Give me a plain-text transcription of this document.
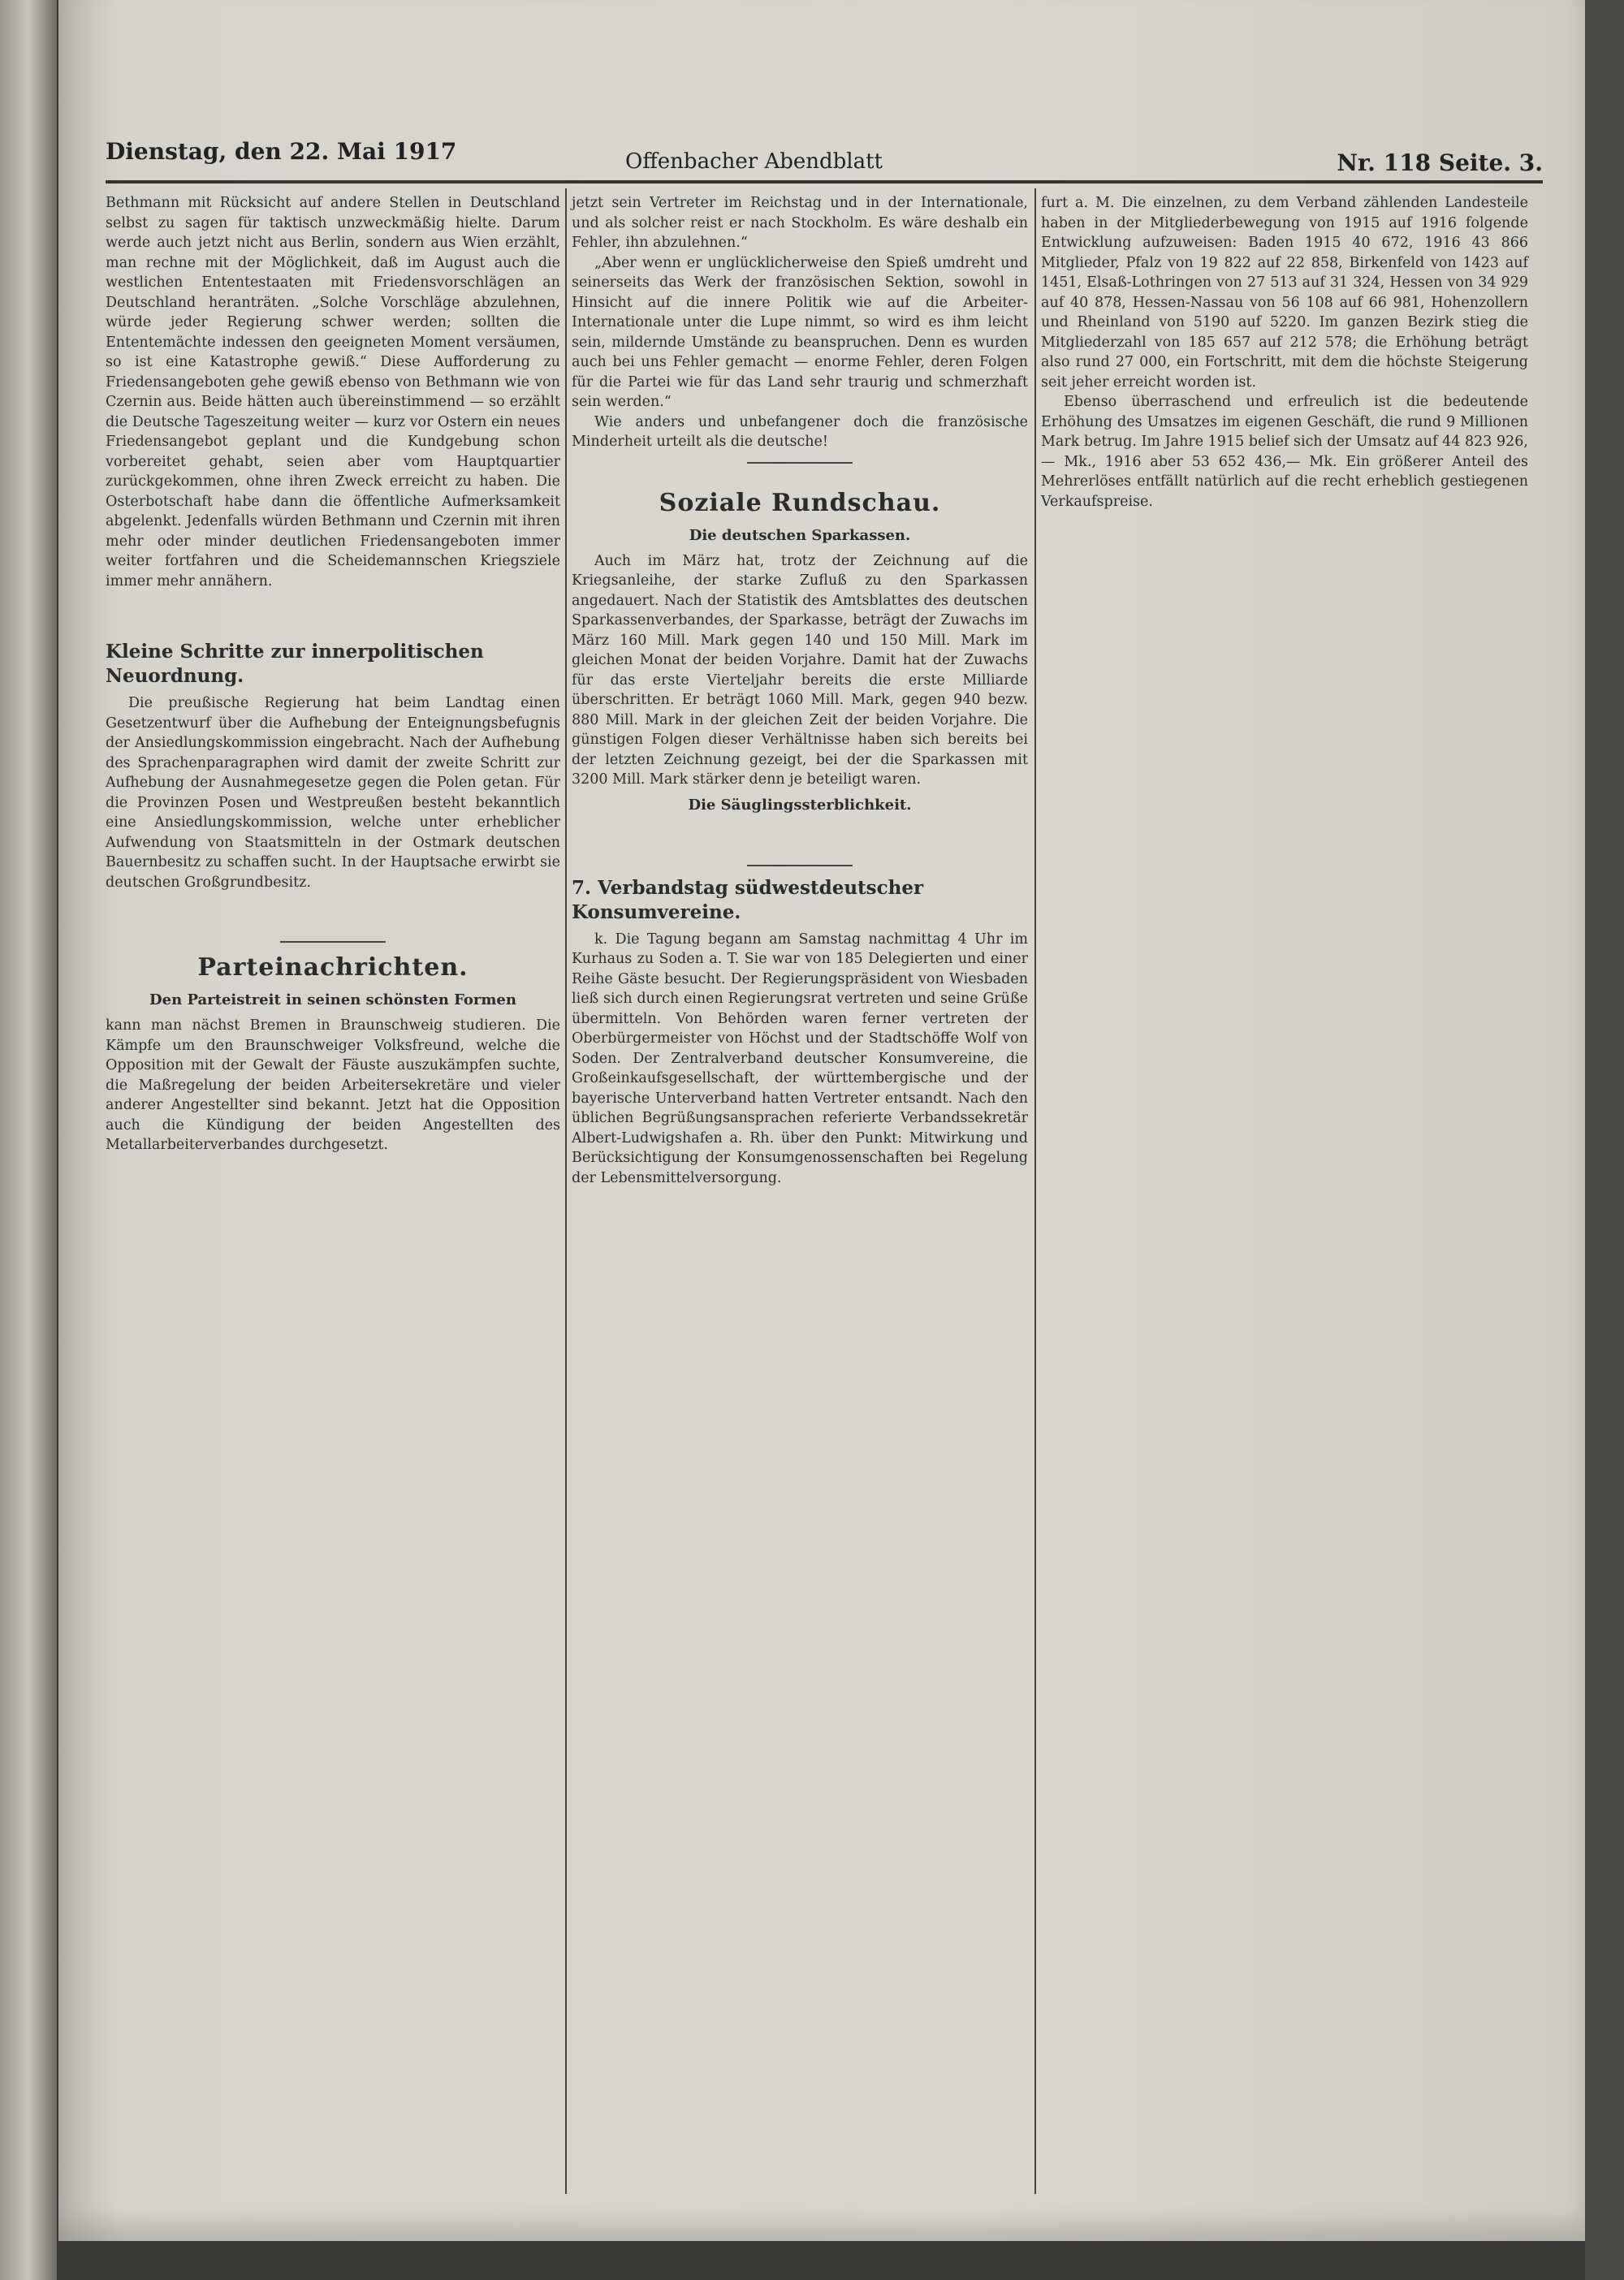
Dienstag, den 22. Mai 1917	Offenbacher Abendblatt	Nr. 118 Seite. 3.

Bethmann mit Rücksicht auf andere Stellen in Deutschland selbst zu sagen für taktisch unzweckmäßig hielte. Darum werde auch jetzt nicht aus Berlin, sondern aus Wien erzählt, man rechne mit der Möglichkeit, daß im August auch die westlichen Ententestaaten mit Friedensvorschlägen an Deutschland heranträten. „Solche Vorschläge abzulehnen, würde jeder Regierung schwer werden; sollten die Ententemächte indessen den geeigneten Moment versäumen, so ist eine Katastrophe gewiß.“ Diese Aufforderung zu Friedensangeboten gehe gewiß ebenso von Bethmann wie von Czernin aus. Beide hätten auch übereinstimmend — so erzählt die Deutsche Tageszeitung weiter — kurz vor Ostern ein neues Friedensangebot geplant und die Kundgebung schon vorbereitet gehabt, seien aber vom Hauptquartier zurückgekommen, ohne ihren Zweck erreicht zu haben. Die Osterbotschaft habe dann die öffentliche Aufmerksamkeit abgelenkt. Jedenfalls würden Bethmann und Czernin mit ihren mehr oder minder deutlichen Friedensangeboten immer weiter fortfahren und die Scheidemannschen Kriegsziele immer mehr annähern.

Kleine Schritte zur innerpolitischen Neuordnung.

Die preußische Regierung hat beim Landtag einen Gesetzentwurf über die Aufhebung der Enteignungsbefugnis der Ansiedlungskommission eingebracht. Nach der Aufhebung des Sprachenparagraphen wird damit der zweite Schritt zur Aufhebung der Ausnahmegesetze gegen die Polen getan. Für die Provinzen Posen und Westpreußen besteht bekanntlich eine Ansiedlungskommission, welche unter erheblicher Aufwendung von Staatsmitteln in der Ostmark deutschen Bauernbesitz zu schaffen sucht. In der Hauptsache erwirbt sie deutschen Großgrundbesitz.

Parteinachrichten.
Den Parteistreit in seinen schönsten Formen

kann man nächst Bremen in Braunschweig studieren. Die Kämpfe um den Braunschweiger Volksfreund, welche die Opposition mit der Gewalt der Fäuste auszukämpfen suchte, die Maßregelung der beiden Arbeitersekretäre und vieler anderer Angestellter sind bekannt. Jetzt hat die Opposition auch die Kündigung der beiden Angestellten des Metallarbeiterverbandes durchgesetzt.

jetzt sein Vertreter im Reichstag und in der Internationale, und als solcher reist er nach Stockholm. Es wäre deshalb ein Fehler, ihn abzulehnen.“

„Aber wenn er unglücklicherweise den Spieß umdreht und seinerseits das Werk der französischen Sektion, sowohl in Hinsicht auf die innere Politik wie auf die Arbeiter-Internationale unter die Lupe nimmt, so wird es ihm leicht sein, mildernde Umstände zu beanspruchen. Denn es wurden auch bei uns Fehler gemacht — enorme Fehler, deren Folgen für die Partei wie für das Land sehr traurig und schmerzhaft sein werden.“

Wie anders und unbefangener doch die französische Minderheit urteilt als die deutsche!

Soziale Rundschau.
Die deutschen Sparkassen.

Auch im März hat, trotz der Zeichnung auf die Kriegsanleihe, der starke Zufluß zu den Sparkassen angedauert. Nach der Statistik des Amtsblattes des deutschen Sparkassenverbandes, der Sparkasse, beträgt der Zuwachs im März 160 Mill. Mark gegen 140 und 150 Mill. Mark im gleichen Monat der beiden Vorjahre. Damit hat der Zuwachs für das erste Vierteljahr bereits die erste Milliarde überschritten. Er beträgt 1060 Mill. Mark, gegen 940 bezw. 880 Mill. Mark in der gleichen Zeit der beiden Vorjahre. Die günstigen Folgen dieser Verhältnisse haben sich bereits bei der letzten Zeichnung gezeigt, bei der die Sparkassen mit 3200 Mill. Mark stärker denn je beteiligt waren.

Die Säuglingssterblichkeit.
7. Verbandstag südwestdeutscher Konsumvereine.

k. Die Tagung begann am Samstag nachmittag 4 Uhr im Kurhaus zu Soden a. T. Sie war von 185 Delegierten und einer Reihe Gäste besucht. Der Regierungspräsident von Wiesbaden ließ sich durch einen Regierungsrat vertreten und seine Grüße übermitteln. Von Behörden waren ferner vertreten der Oberbürgermeister von Höchst und der Stadtschöffe Wolf von Soden. Der Zentralverband deutscher Konsumvereine, die Großeinkaufsgesellschaft, der württembergische und der bayerische Unterverband hatten Vertreter entsandt. Nach den üblichen Begrüßungsansprachen referierte Verbandssekretär Albert-Ludwigshafen a. Rh. über den Punkt: Mitwirkung und Berücksichtigung der Konsumgenossenschaften bei Regelung der Lebensmittelversorgung.

furt a. M. Die einzelnen, zu dem Verband zählenden Landesteile haben in der Mitgliederbewegung von 1915 auf 1916 folgende Entwicklung aufzuweisen: Baden 1915 40 672, 1916 43 866 Mitglieder, Pfalz von 19 822 auf 22 858, Birkenfeld von 1423 auf 1451, Elsaß-Lothringen von 27 513 auf 31 324, Hessen von 34 929 auf 40 878, Hessen-Nassau von 56 108 auf 66 981, Hohenzollern und Rheinland von 5190 auf 5220. Im ganzen Bezirk stieg die Mitgliederzahl von 185 657 auf 212 578; die Erhöhung beträgt also rund 27 000, ein Fortschritt, mit dem die höchste Steigerung seit jeher erreicht worden ist.

Ebenso überraschend und erfreulich ist die bedeutende Erhöhung des Umsatzes im eigenen Geschäft, die rund 9 Millionen Mark betrug. Im Jahre 1915 belief sich der Umsatz auf 44 823 926,— Mk., 1916 aber 53 652 436,— Mk. Ein größerer Anteil des Mehrerlöses entfällt natürlich auf die recht erheblich gestiegenen Verkaufspreise.
